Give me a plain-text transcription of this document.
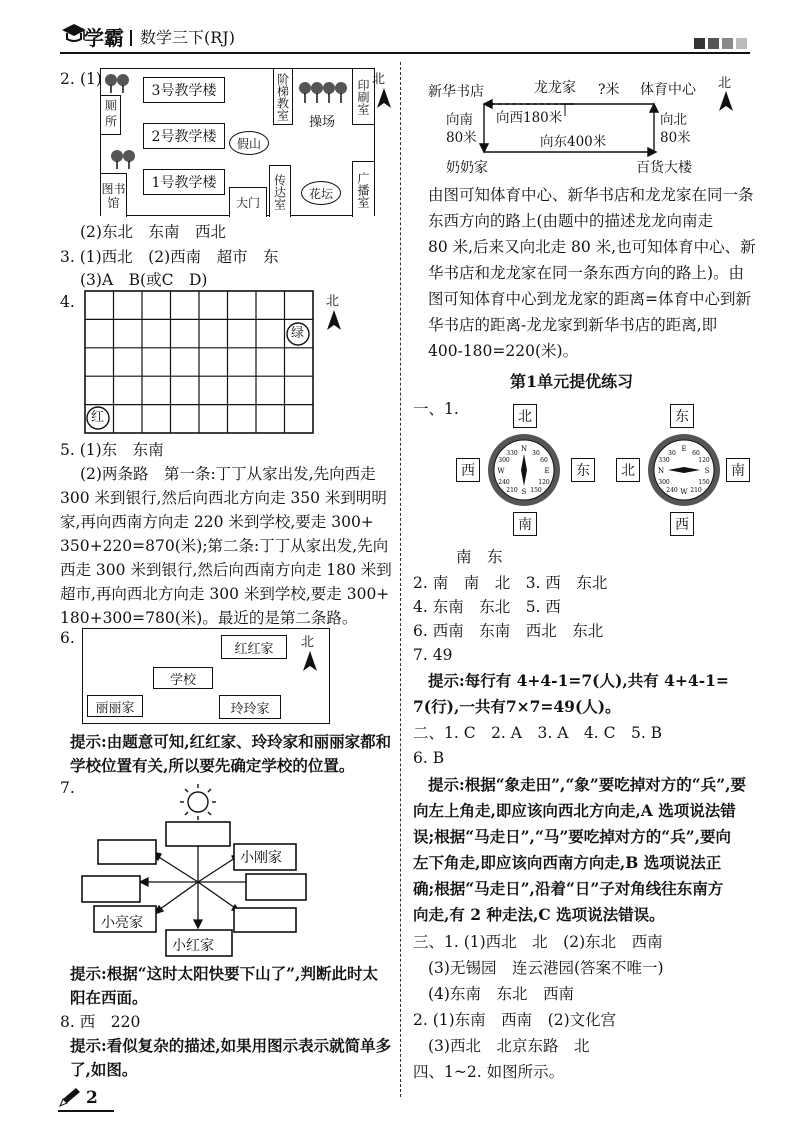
学霸 数学三下(RJ)
2. (1)
3号教学楼
2号教学楼
1号教学楼
厕所
图书馆
阶梯教室
操场
印刷室
假山
大门	传达室 花坛 广播室
北
(2)东北　东南　西北
3. (1)西北　(2)西南　超市　东
(3)A　B(或C　D)
4.
绿
红
北
5. (1)东　东南
(2)两条路　第一条:丁丁从家出发,先向西走
300 米到银行,然后向西北方向走 350 米到明明
家,再向西南方向走 220 米到学校,要走 300+
350+220=870(米);第二条:丁丁从家出发,先向
西走 300 米到银行,然后向西南方向走 180 米到
超市,再向西北方向走 300 米到学校,要走 300+
180+300=780(米)。最近的是第二条路。
6.
红红家
学校
丽丽家	玲玲家
北
提示:由题意可知,红红家、玲玲家和丽丽家都和
学校位置有关,所以要先确定学校的位置。
7.
小刚家
小亮家
小红家
提示:根据“这时太阳快要下山了”,判断此时太
阳在西面。
8. 西　220
提示:看似复杂的描述,如果用图示表示就简单多
了,如图。
2
新华书店	龙龙家 ?米 体育中心 北
向西180米
向南
80米
向北
80米
向东400米
奶奶家	百货大楼
由图可知体育中心、新华书店和龙龙家在同一条
东西方向的路上(由题中的描述龙龙向南走
80 米,后来又向北走 80 米,也可知体育中心、新
华书店和龙龙家在同一条东西方向的路上)。由
图可知体育中心到龙龙家的距离=体育中心到新
华书店的距离-龙龙家到新华书店的距离,即
400-180=220(米)。
第1单元提优练习
一、1.	北
西	东
南
N
S
E
W
330 30
60
120
150
210
240
300
东
北	南
西
E
W
S
N
30	60
120
150
210
240
300
330
南　东
2. 南　南　北　3. 西　东北
4. 东南　东北　5. 西
6. 西南　东南　西北　东北
7. 49
提示:每行有 4+4-1=7(人),共有 4+4-1=
7(行),一共有7×7=49(人)。
二、1. C　2. A　3. A　4. C　5. B
6. B
提示:根据“象走田”,“象”要吃掉对方的“兵”,要
向左上角走,即应该向西北方向走,A 选项说法错
误;根据“马走日”,“马”要吃掉对方的“兵”,要向
左下角走,即应该向西南方向走,B 选项说法正
确;根据“马走日”,沿着“日”子对角线往东南方
向走,有 2 种走法,C 选项说法错误。
三、1. (1)西北　北　(2)东北　西南
(3)无锡园　连云港园(答案不唯一)
(4)东南　东北　西南
2. (1)东南　西南　(2)文化宫
(3)西北　北京东路　北
四、1~2. 如图所示。
